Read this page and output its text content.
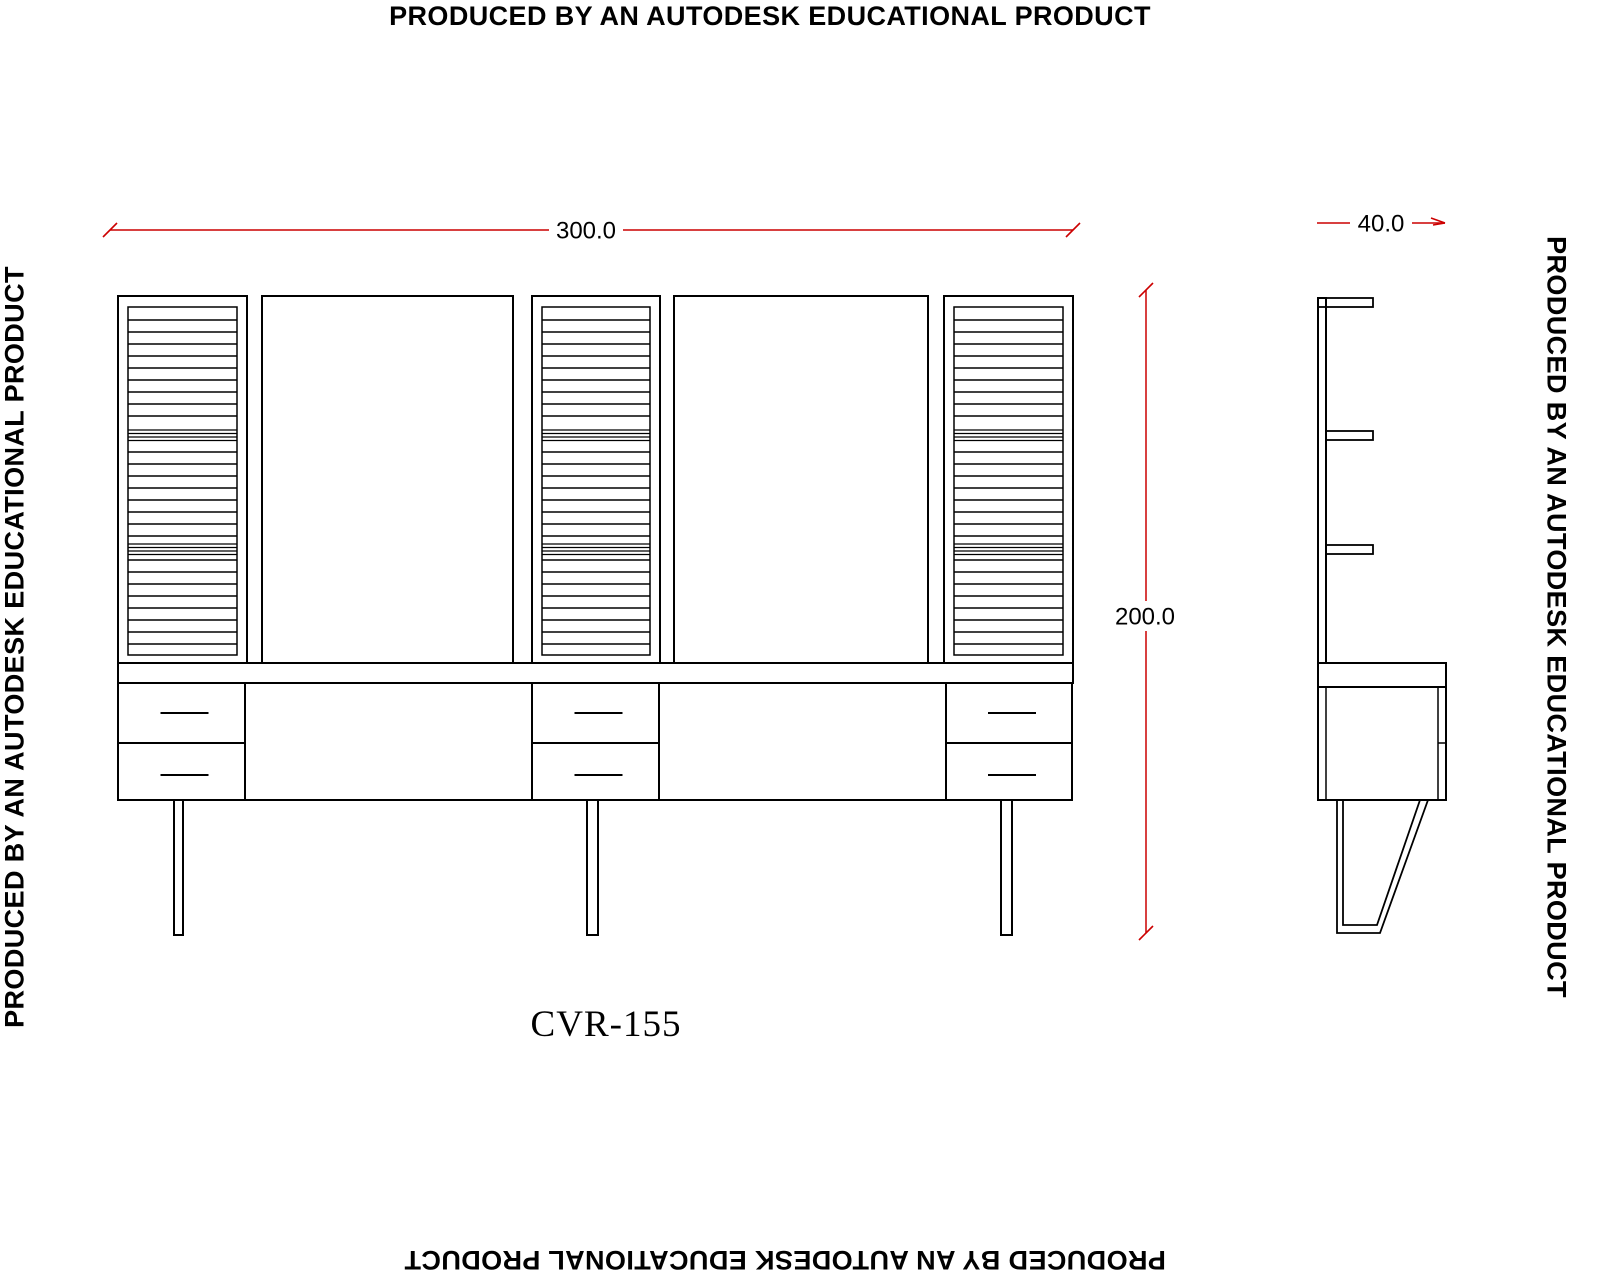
PRODUCED BY AN AUTODESK EDUCATIONAL PRODUCT
PRODUCED BY AN AUTODESK EDUCATIONAL PRODUCT
PRODUCED BY AN AUTODESK EDUCATIONAL PRODUCT	PRODUCED BY AN AUTODESK EDUCATIONAL PRODUCT
300.0	40.0
200.0
CVR-155
